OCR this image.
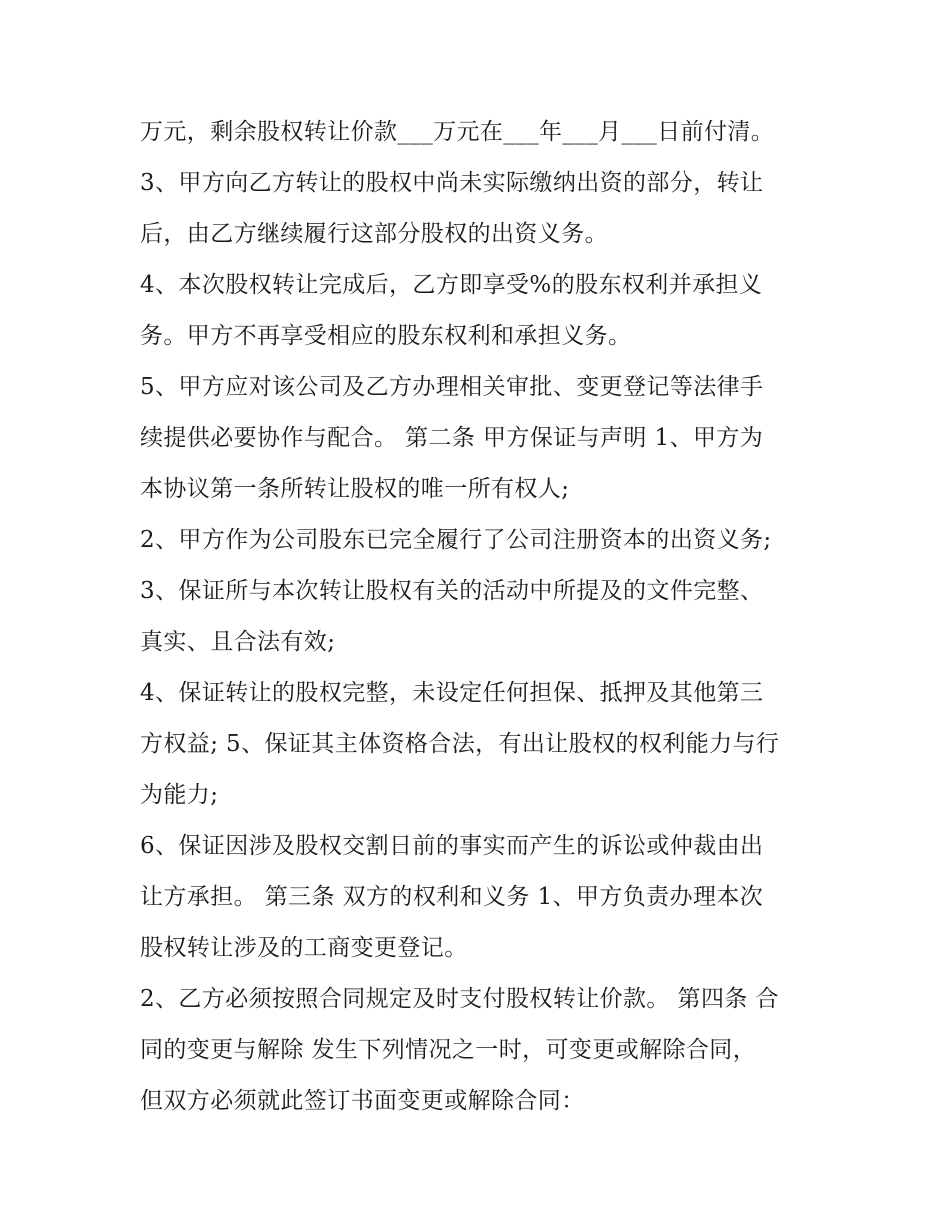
万元，剩余股权转让价款___万元在___年___月___日前付清。
3、甲方向乙方转让的股权中尚未实际缴纳出资的部分，转让
后，由乙方继续履行这部分股权的出资义务。
4、本次股权转让完成后，乙方即享受%的股东权利并承担义
务。甲方不再享受相应的股东权利和承担义务。
5、甲方应对该公司及乙方办理相关审批、变更登记等法律手
续提供必要协作与配合。 第二条 甲方保证与声明 1、甲方为
本协议第一条所转让股权的唯一所有权人;
2、甲方作为公司股东已完全履行了公司注册资本的出资义务;
3、保证所与本次转让股权有关的活动中所提及的文件完整、
真实、且合法有效;
4、保证转让的股权完整，未设定任何担保、抵押及其他第三
方权益; 5、保证其主体资格合法，有出让股权的权利能力与行
为能力;
6、保证因涉及股权交割日前的事实而产生的诉讼或仲裁由出
让方承担。 第三条 双方的权利和义务 1、甲方负责办理本次
股权转让涉及的工商变更登记。
2、乙方必须按照合同规定及时支付股权转让价款。 第四条 合
同的变更与解除 发生下列情况之一时，可变更或解除合同，
但双方必须就此签订书面变更或解除合同：
